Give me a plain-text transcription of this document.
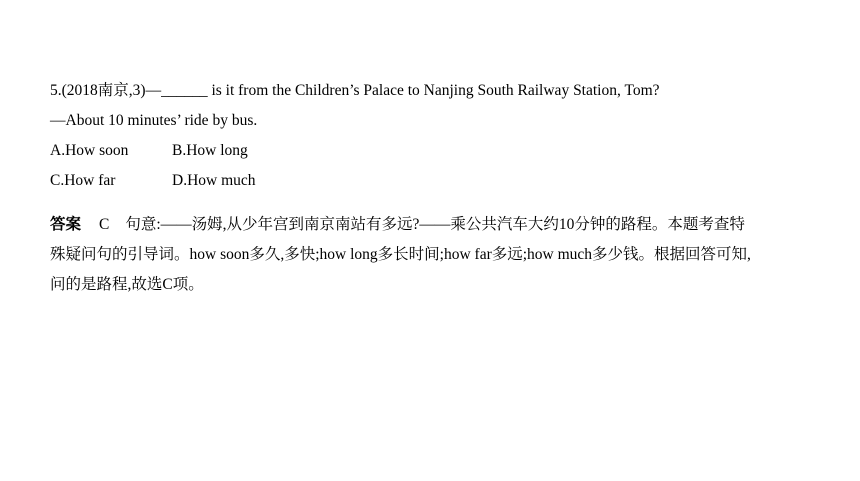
5.(2018南京,3)—______ is it from the Children’s Palace to Nanjing South Railway Station, Tom?
—About 10 minutes’ ride by bus.
A.How soon	B.How long
C.How far	D.How much
答案 C 句意:——汤姆,从少年宫到南京南站有多远?——乘公共汽车大约10分钟的路程。本题考查特
殊疑问句的引导词。how soon多久,多快;how long多长时间;how far多远;how much多少钱。根据回答可知,
问的是路程,故选C项。
